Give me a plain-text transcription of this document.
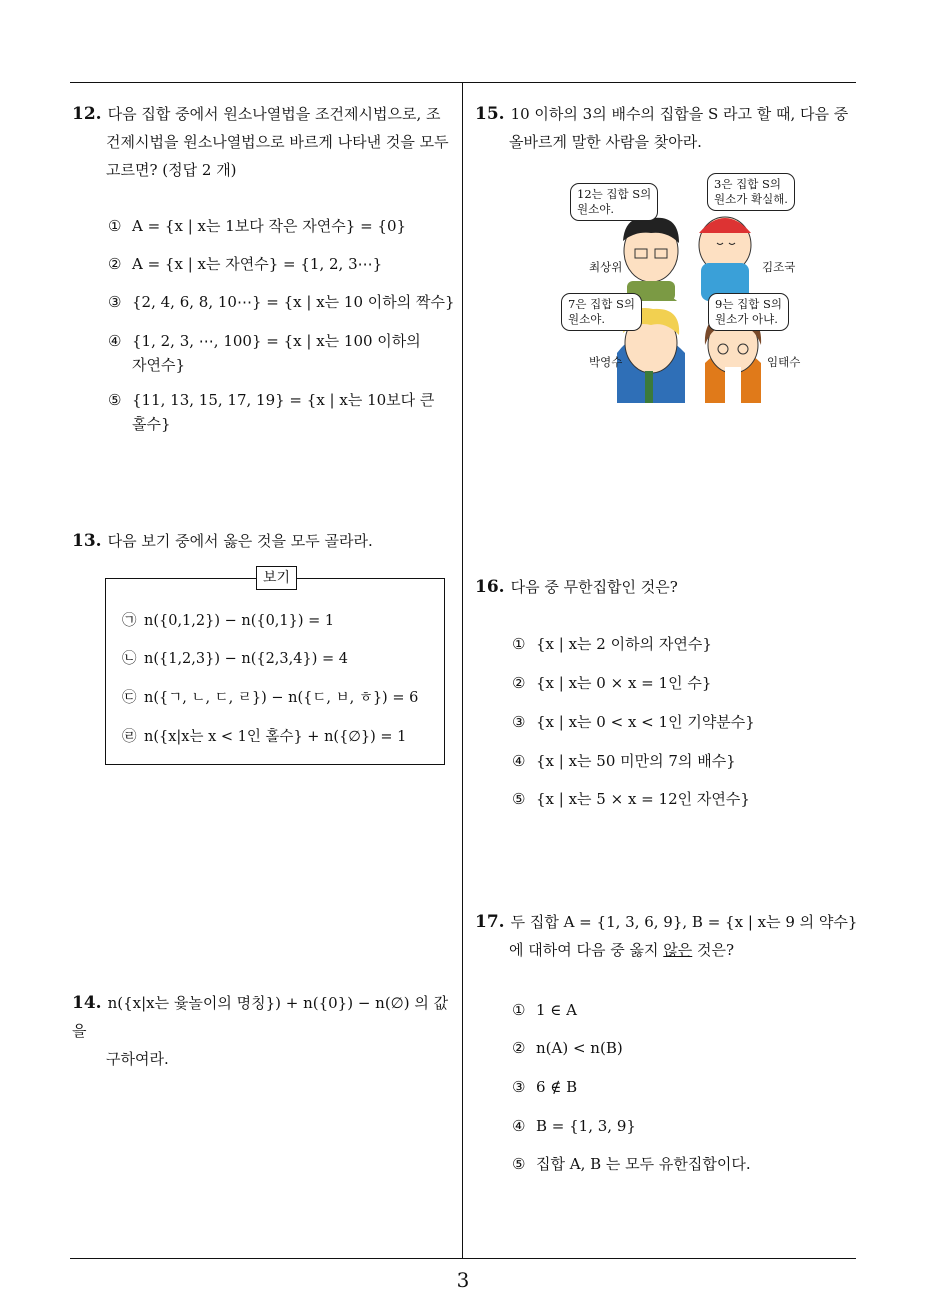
12. 다음 집합 중에서 원소나열법을 조건제시법으로, 조
건제시법을 원소나열법으로 바르게 나타낸 것을 모두
고르면? (정답 2 개)
① A = {x | x는 1보다 작은 자연수} = {0}
② A = {x | x는 자연수} = {1, 2, 3⋯}
③ {2, 4, 6, 8, 10⋯} = {x | x는 10 이하의 짝수}
④ {1, 2, 3, ⋯, 100} = {x | x는 100 이하의
자연수}
⑤ {11, 13, 15, 17, 19} = {x | x는 10보다 큰
홀수}
13. 다음 보기 중에서 옳은 것을 모두 골라라.
보기
㉠ n({0,1,2}) − n({0,1}) = 1
㉡ n({1,2,3}) − n({2,3,4}) = 4
㉢ n({ㄱ, ㄴ, ㄷ, ㄹ}) − n({ㄷ, ㅂ, ㅎ}) = 6
㉣ n({x|x는 x < 1인 홀수} + n({∅}) = 1
14. n({x|x는 윷놀이의 명칭}) + n({0}) − n(∅) 의 값을
구하여라.
15. 10 이하의 3의 배수의 집합을 S 라고 할 때, 다음 중
올바르게 말한 사람을 찾아라.
12는 집합 S의
원소야.
3은 집합 S의
원소가 확실해.
7은 집합 S의
원소야.
9는 집합 S의
원소가 아냐.
최상위	김조국
박영수	임태수
16. 다음 중 무한집합인 것은?
① {x | x는 2 이하의 자연수}
② {x | x는 0 × x = 1인 수}
③ {x | x는 0 < x < 1인 기약분수}
④ {x | x는 50 미만의 7의 배수}
⑤ {x | x는 5 × x = 12인 자연수}
17. 두 집합 A = {1, 3, 6, 9}, B = {x | x는 9 의 약수}
에 대하여 다음 중 옳지 않은 것은?
① 1 ∈ A
② n(A) < n(B)
③ 6 ∉ B
④ B = {1, 3, 9}
⑤ 집합 A, B 는 모두 유한집합이다.
3
